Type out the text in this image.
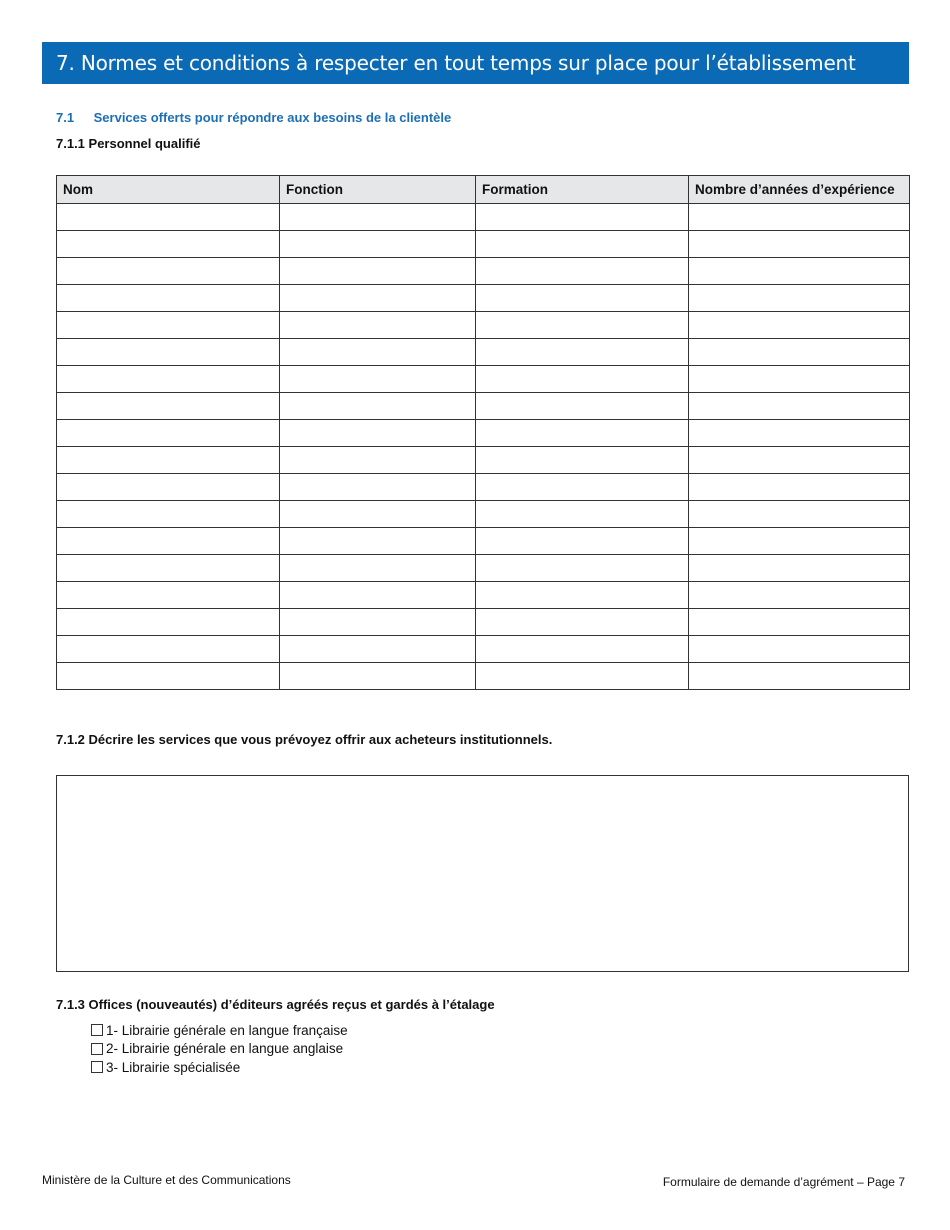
7. Normes et conditions à respecter en tout temps sur place pour l’établissement
7.1 Services offerts pour répondre aux besoins de la clientèle
7.1.1 Personnel qualifié
Nom	Fonction	Formation	Nombre d’années d’expérience

7.1.2 Décrire les services que vous prévoyez offrir aux acheteurs institutionnels.
7.1.3 Offices (nouveautés) d’éditeurs agréés reçus et gardés à l’étalage
1- Librairie générale en langue française
2- Librairie générale en langue anglaise
3- Librairie spécialisée
Ministère de la Culture et des Communications	Formulaire de demande d’agrément – Page 7
